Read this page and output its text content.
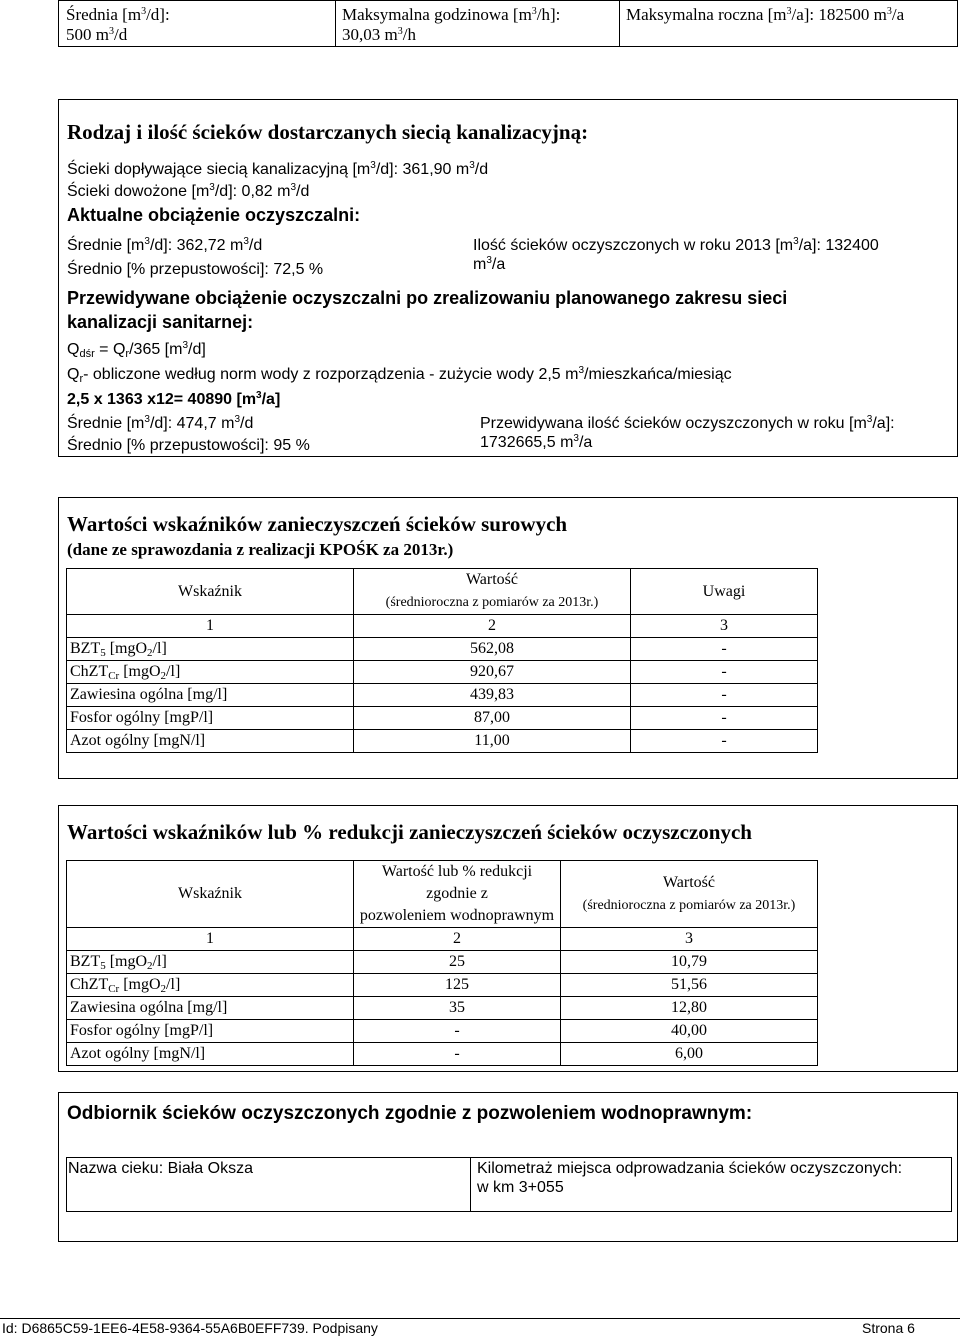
Średnia $[m^3/d]$:
500 $m^3/d$
Maksymalna godzinowa $[m^3/h]$:
30,03 $m^3/h$
Maksymalna roczna $[m^3/a]$: 182500 $m^3/a$
Rodzaj i ilość ścieków dostarczanych siecią kanalizacyjną:
Ścieki dopływające siecią kanalizacyjną $[m^3/d]$: 361,90 $m^3/d$
Ścieki dowożone $[m^3/d]$: 0,82 $m^3/d$
Aktualne obciążenie oczyszczalni:
Średnie $[m^3/d]$: 362,72 $m^3/d$
Średnio [% przepustowości]: 72,5 %
Ilość ścieków oczyszczonych w roku 2013 $[m^3/a]$: 132400
$m^3/a$
Przewidywane obciążenie oczyszczalni po zrealizowaniu planowanego zakresu sieci
kanalizacji sanitarnej:
$Q_{dśr} = Q_r/365$ $[m^3/d]$
$Q_r-$ obliczone według norm wody z rozporządzenia - zużycie wody 2,5 $m^3/mieszkańca$/miesiąc
2,5 x 1363 x12= 40890 $[m^3/a]$
Średnie $[m^3/d]$: 474,7 $m^3/d$
Średnio [% przepustowości]: 95 %
Przewidywana ilość ścieków oczyszczonych w roku $[m^3/a]$:
1732665,5 $m^3/a$
Wartości wskaźników zanieczyszczeń ścieków surowych
(dane ze sprawozdania z realizacji KPOŚK za 2013r.)
Wskaźnik	Wartość
(średnioroczna z pomiarów za 2013r.)	Uwagi
1	2	3
$BZT_5$ [mgO$_2$/l]	562,08	-
ChZT$_{Cr}$ [mgO$_2$/l]	920,67	-
Zawiesina ogólna [mg/l]	439,83	-
Fosfor ogólny [mgP/l]	87,00	-
Azot ogólny [mgN/l]	11,00	-
Wartości wskaźników lub % redukcji zanieczyszczeń ścieków oczyszczonych
Wskaźnik	Wartość lub % redukcji zgodnie z
pozwoleniem wodnoprawnym	Wartość
(średnioroczna z pomiarów za 2013r.)
1	2	3
$BZT_5$ [mgO$_2$/l]	25	10,79
ChZT$_{Cr}$ [mgO$_2$/l]	125	51,56
Zawiesina ogólna [mg/l]	35	12,80
Fosfor ogólny [mgP/l]	-	40,00
Azot ogólny [mgN/l]	-	6,00
Odbiornik ścieków oczyszczonych zgodnie z pozwoleniem wodnoprawnym:
Nazwa cieku: Biała Oksza	Kilometraż miejsca odprowadzania ścieków oczyszczonych:
w km 3+055
Id: D6865C59-1EE6-4E58-9364-55A6B0EFF739. Podpisany	Strona 6
